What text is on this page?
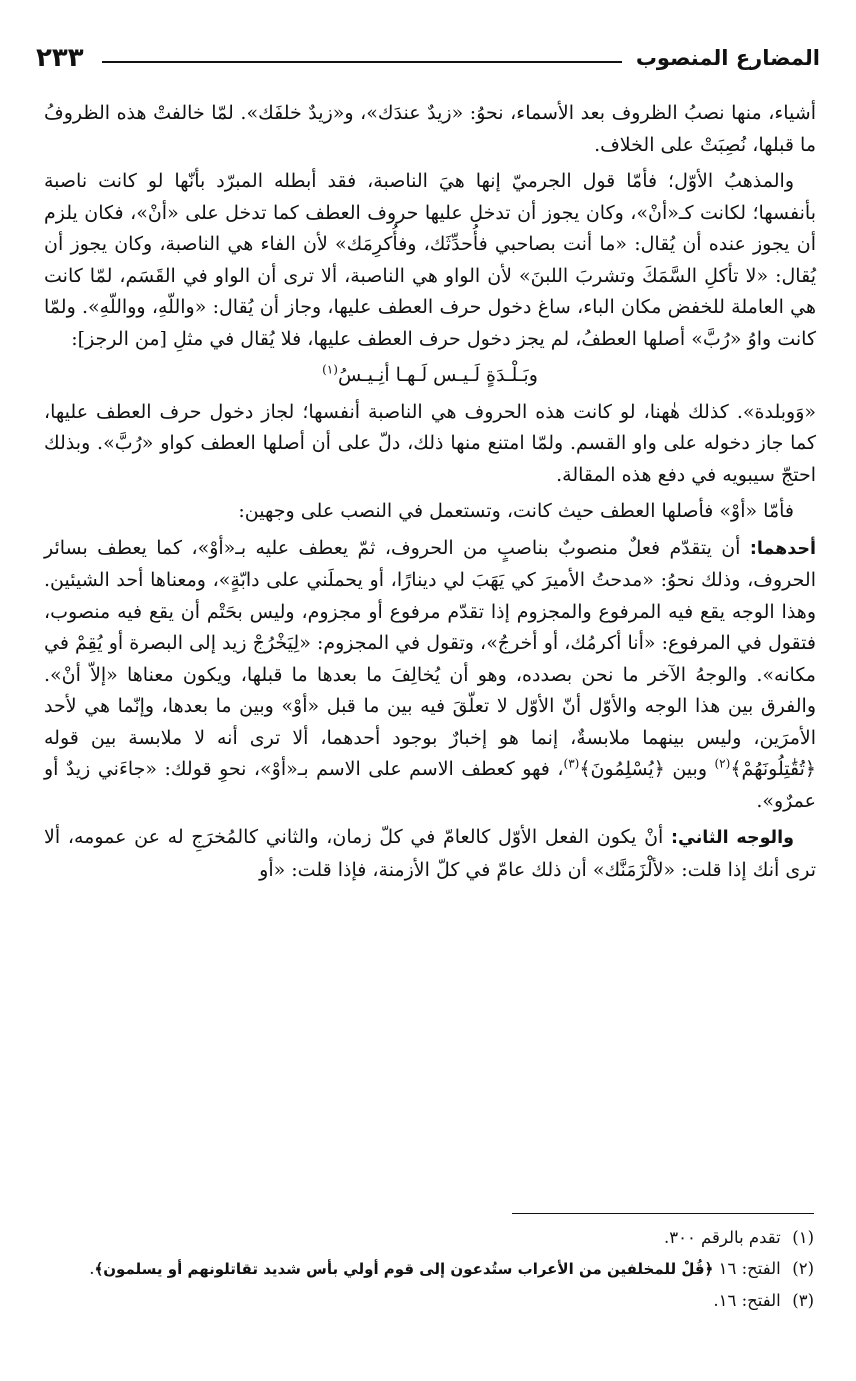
المضارع المنصوب
٢٣٣

أشياء، منها نصبُ الظروف بعد الأسماء، نحوُ: «زيدٌ عندَك»، و«زيدٌ خلفَك». لمّا خالفتْ هذه الظروفُ ما قبلها، نُصِبَتْ على الخلاف.

والمذهبُ الأوّل؛ فأمّا قول الجرميّ إنها هيَ الناصبة، فقد أبطله المبرّد بأنّها لو كانت ناصبة بأنفسها؛ لكانت كـ«أنْ»، وكان يجوز أن تدخل عليها حروف العطف كما تدخل على «أنْ»، فكان يلزم أن يجوز عنده أن يُقال: «ما أنت بصاحبي فأُحدِّثَك، وفأُكرِمَك» لأن الفاء هي الناصبة، وكان يجوز أن يُقال: «لا تأكلِ السَّمَكَ وتشربَ اللبنَ» لأن الواو هي الناصبة، ألا ترى أن الواو في القَسَم، لمّا كانت هي العاملة للخفض مكان الباء، ساغ دخول حرف العطف عليها، وجاز أن يُقال: «واللّهِ، وواللّهِ». ولمّا كانت واوُ «رُبَّ» أصلها العطفُ، لم يجز دخول حرف العطف عليها، فلا يُقال في مثلِ [من الرجز]:

وبَـلْـدَةٍ لَـيـس لَـهـا أنِـيـسُ$^{(١)}$

«وَوبلدة». كذلك هٰهنا، لو كانت هذه الحروف هي الناصبة أنفسها؛ لجاز دخول حرف العطف عليها، كما جاز دخوله على واو القسم. ولمّا امتنع منها ذلك، دلّ على أن أصلها العطف كواو «رُبَّ». وبذلك احتجّ سيبويه في دفع هذه المقالة.

فأمّا «أوْ» فأصلها العطف حيث كانت، وتستعمل في النصب على وجهين:

أحدهما: أن يتقدّم فعلٌ منصوبٌ بناصبٍ من الحروف، ثمّ يعطف عليه بـ«أوْ»، كما يعطف بسائر الحروف، وذلك نحوُ: «مدحتُ الأميرَ كي يَهَبَ لي دينارًا، أو يحملَني على دابّةٍ»، ومعناها أحد الشيئين. وهذا الوجه يقع فيه المرفوع والمجزوم إذا تقدّم مرفوع أو مجزوم، وليس بحَتْم أن يقع فيه منصوب، فتقول في المرفوع: «أنا أكرمُك، أو أخرجُ»، وتقول في المجزوم: «لِيَخْرُجْ زيد إلى البصرة أو يُقِمْ في مكانه». والوجهُ الآخر ما نحن بصدده، وهو أن يُخالِفَ ما بعدها ما قبلها، ويكون معناها «إلاّ أنْ». والفرق بين هذا الوجه والأوّل أنّ الأوّل لا تعلّقَ فيه بين ما قبل «أوْ» وبين ما بعدها، وإنّما هي لأحد الأمرَين، وليس بينهما ملابسةٌ، إنما هو إخبارٌ بوجود أحدهما، ألا ترى أنه لا ملابسة بين قوله ﴿تُقَٰتِلُونَهُمْ﴾$^{(٢)}$ وبين ﴿يُسْلِمُونَ﴾$^{(٣)}$، فهو كعطف الاسم على الاسم بـ«أوْ»، نحوِ قولك: «جاءَني زيدٌ أو عمرٌو».

والوجه الثاني: أنْ يكون الفعل الأوّل كالعامّ في كلّ زمان، والثاني كالمُخرَجِ له عن عمومه، ألا ترى أنك إذا قلت: «لألْزَمَنَّك» أن ذلك عامّ في كلّ الأزمنة، فإذا قلت: «أو

(١) تقدم بالرقم ٣٠٠.
(٢) الفتح: ١٦ ﴿قُلْ للمخلفين من الأعراب ستُدعون إلى قوم أولي بأس شديد تقاتلونهم أو يسلمون﴾.
(٣) الفتح: ١٦.
